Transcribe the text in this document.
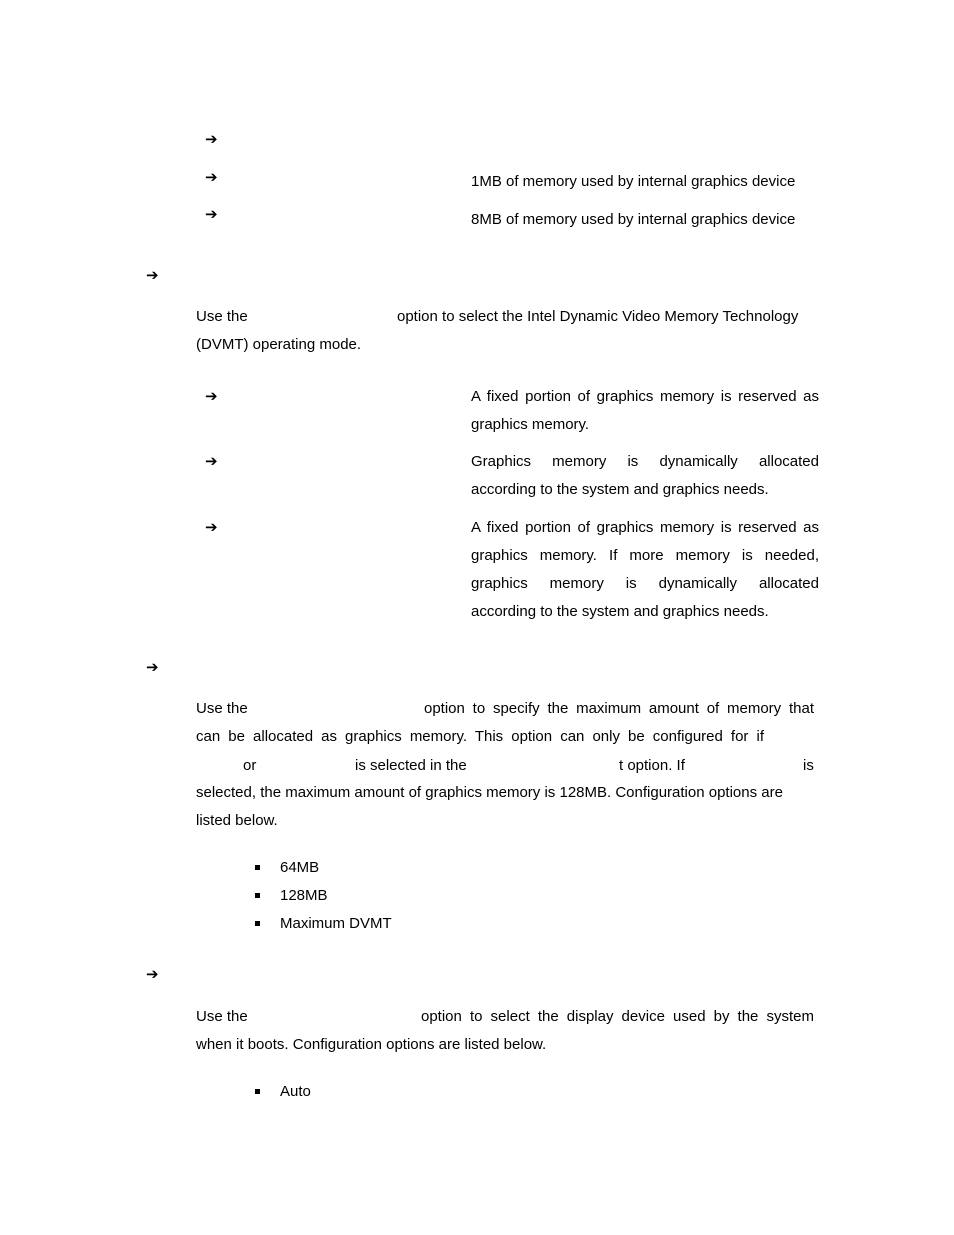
➔
➔	1MB of memory used by internal graphics device
➔	8MB of memory used by internal graphics device
➔
Use the	option to select the Intel Dynamic Video Memory Technology
(DVMT) operating mode.
➔	A fixed portion of graphics memory is reserved as
graphics memory.
➔	Graphics memory is dynamically allocated
according to the system and graphics needs.
➔	A fixed portion of graphics memory is reserved as
graphics memory. If more memory is needed,
graphics memory is dynamically allocated
according to the system and graphics needs.
➔
Use the	option to specify the maximum amount of memory that
can be allocated as graphics memory. This option can only be configured for if
or	is selected in the	t option. If	is
selected, the maximum amount of graphics memory is 128MB. Configuration options are
listed below.
64MB
128MB
Maximum DVMT
➔
Use the	option to select the display device used by the system
when it boots. Configuration options are listed below.
Auto
